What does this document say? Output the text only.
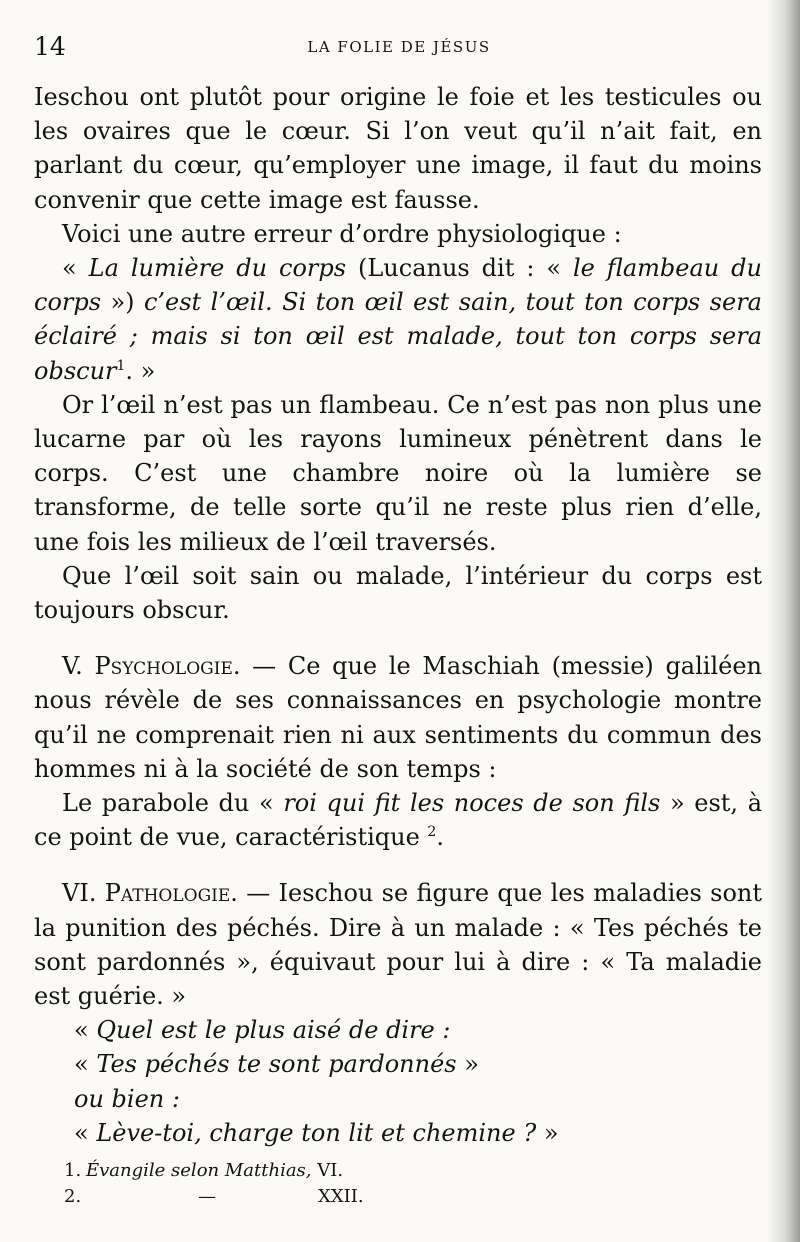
14	LA FOLIE DE JÉSUS

Ieschou ont plutôt pour origine le foie et les testicules ou les ovaires que le cœur. Si l’on veut qu’il n’ait fait, en parlant du cœur, qu’employer une image, il faut du moins convenir que cette image est fausse.

Voici une autre erreur d’ordre physiologique :

« La lumière du corps (Lucanus dit : « le flambeau du corps ») c’est l’œil. Si ton œil est sain, tout ton corps sera éclairé ; mais si ton œil est malade, tout ton corps sera obscur$^1$. »

Or l’œil n’est pas un flambeau. Ce n’est pas non plus une lucarne par où les rayons lumineux pénètrent dans le corps. C’est une chambre noire où la lumière se transforme, de telle sorte qu’il ne reste plus rien d’elle, une fois les milieux de l’œil traversés.

Que l’œil soit sain ou malade, l’intérieur du corps est toujours obscur.

V. Psychologie. — Ce que le Maschiah (messie) galiléen nous révèle de ses connaissances en psychologie montre qu’il ne comprenait rien ni aux sentiments du commun des hommes ni à la société de son temps :

Le parabole du « roi qui fit les noces de son fils » est, à ce point de vue, caractéristique $^2$.

VI. Pathologie. — Ieschou se figure que les maladies sont la punition des péchés. Dire à un malade : « Tes péchés te sont pardonnés », équivaut pour lui à dire : « Ta maladie est guérie. »

« Quel est le plus aisé de dire :
« Tes péchés te sont pardonnés »
ou bien :
« Lève-toi, charge ton lit et chemine ? »
1. Évangile selon Matthias, VI.
2.	—	XXII.
